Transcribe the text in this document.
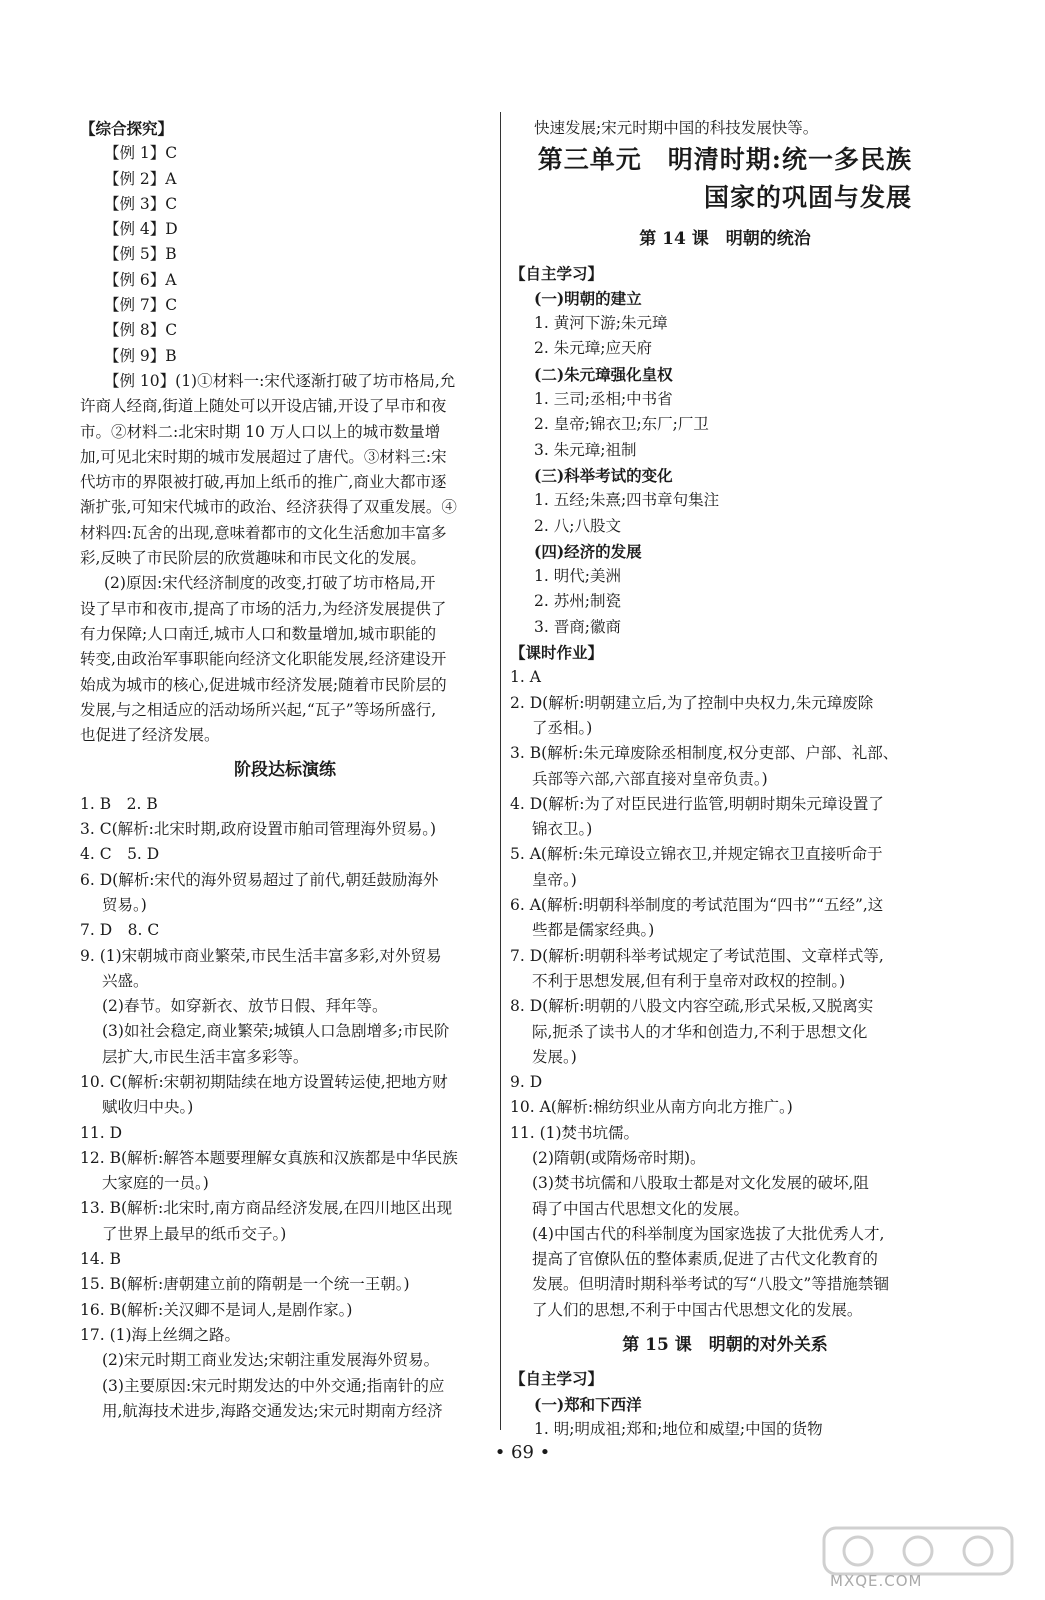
【综合探究】
【例 1】C
【例 2】A
【例 3】C
【例 4】D
【例 5】B
【例 6】A
【例 7】C
【例 8】C
【例 9】B
【例 10】(1)①材料一:宋代逐渐打破了坊市格局,允
许商人经商,街道上随处可以开设店铺,开设了早市和夜
市。②材料二:北宋时期 10 万人口以上的城市数量增
加,可见北宋时期的城市发展超过了唐代。③材料三:宋
代坊市的界限被打破,再加上纸币的推广,商业大都市逐
渐扩张,可知宋代城市的政治、经济获得了双重发展。④
材料四:瓦舍的出现,意味着都市的文化生活愈加丰富多
彩,反映了市民阶层的欣赏趣味和市民文化的发展。
(2)原因:宋代经济制度的改变,打破了坊市格局,开
设了早市和夜市,提高了市场的活力,为经济发展提供了
有力保障;人口南迁,城市人口和数量增加,城市职能的
转变,由政治军事职能向经济文化职能发展,经济建设开
始成为城市的核心,促进城市经济发展;随着市民阶层的
发展,与之相适应的活动场所兴起,“瓦子”等场所盛行,
也促进了经济发展。
阶段达标演练
1. B　2. B
3. C(解析:北宋时期,政府设置市舶司管理海外贸易。)
4. C　5. D
6. D(解析:宋代的海外贸易超过了前代,朝廷鼓励海外
贸易。)
7. D　8. C
9. (1)宋朝城市商业繁荣,市民生活丰富多彩,对外贸易
兴盛。
(2)春节。如穿新衣、放节日假、拜年等。
(3)如社会稳定,商业繁荣;城镇人口急剧增多;市民阶
层扩大,市民生活丰富多彩等。
10. C(解析:宋朝初期陆续在地方设置转运使,把地方财
赋收归中央。)
11. D
12. B(解析:解答本题要理解女真族和汉族都是中华民族
大家庭的一员。)
13. B(解析:北宋时,南方商品经济发展,在四川地区出现
了世界上最早的纸币交子。)
14. B
15. B(解析:唐朝建立前的隋朝是一个统一王朝。)
16. B(解析:关汉卿不是词人,是剧作家。)
17. (1)海上丝绸之路。
(2)宋元时期工商业发达;宋朝注重发展海外贸易。
(3)主要原因:宋元时期发达的中外交通;指南针的应
用,航海技术进步,海路交通发达;宋元时期南方经济
快速发展;宋元时期中国的科技发展快等。
第三单元　明清时期:统一多民族
国家的巩固与发展
第 14 课　明朝的统治
【自主学习】
(一)明朝的建立
1. 黄河下游;朱元璋
2. 朱元璋;应天府
(二)朱元璋强化皇权
1. 三司;丞相;中书省
2. 皇帝;锦衣卫;东厂;厂卫
3. 朱元璋;祖制
(三)科举考试的变化
1. 五经;朱熹;四书章句集注
2. 八;八股文
(四)经济的发展
1. 明代;美洲
2. 苏州;制瓷
3. 晋商;徽商
【课时作业】
1. A
2. D(解析:明朝建立后,为了控制中央权力,朱元璋废除
了丞相。)
3. B(解析:朱元璋废除丞相制度,权分吏部、户部、礼部、
兵部等六部,六部直接对皇帝负责。)
4. D(解析:为了对臣民进行监管,明朝时期朱元璋设置了
锦衣卫。)
5. A(解析:朱元璋设立锦衣卫,并规定锦衣卫直接听命于
皇帝。)
6. A(解析:明朝科举制度的考试范围为“四书”“五经”,这
些都是儒家经典。)
7. D(解析:明朝科举考试规定了考试范围、文章样式等,
不利于思想发展,但有利于皇帝对政权的控制。)
8. D(解析:明朝的八股文内容空疏,形式呆板,又脱离实
际,扼杀了读书人的才华和创造力,不利于思想文化
发展。)
9. D
10. A(解析:棉纺织业从南方向北方推广。)
11. (1)焚书坑儒。
(2)隋朝(或隋炀帝时期)。
(3)焚书坑儒和八股取士都是对文化发展的破坏,阻
碍了中国古代思想文化的发展。
(4)中国古代的科举制度为国家选拔了大批优秀人才,
提高了官僚队伍的整体素质,促进了古代文化教育的
发展。但明清时期科举考试的写“八股文”等措施禁锢
了人们的思想,不利于中国古代思想文化的发展。
第 15 课　明朝的对外关系
【自主学习】
(一)郑和下西洋
1. 明;明成祖;郑和;地位和威望;中国的货物
• 69 •
MXQE.COM
